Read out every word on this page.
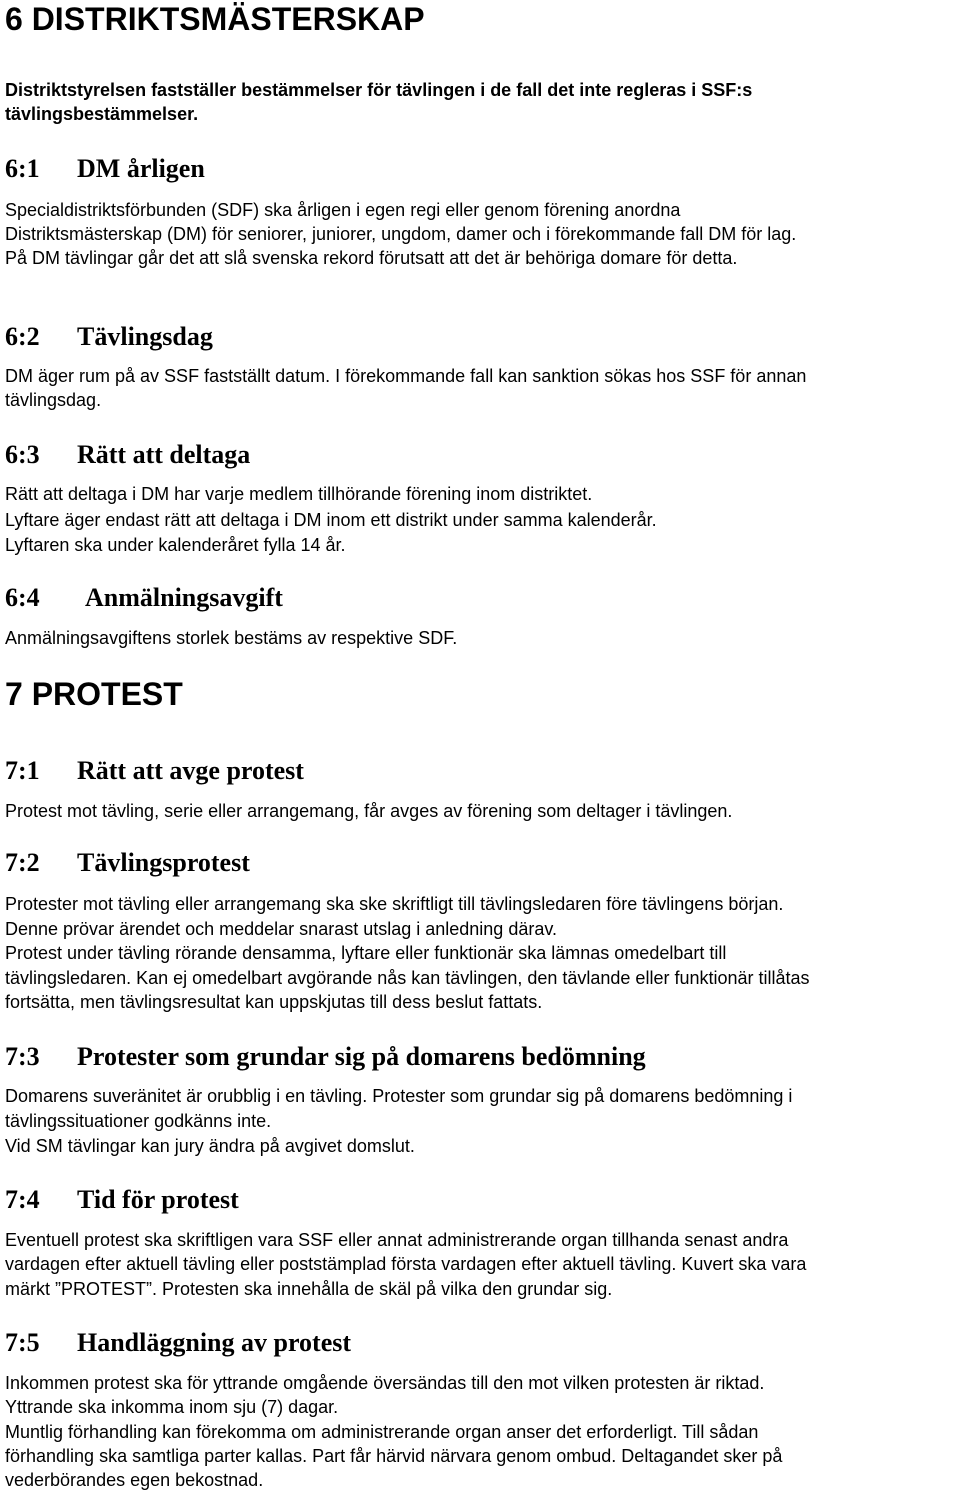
6 DISTRIKTSMÄSTERSKAP
Distriktstyrelsen fastställer bestämmelser för tävlingen i de fall det inte regleras i SSF:s
tävlingsbestämmelser.
6:1 DM årligen
Specialdistriktsförbunden (SDF) ska årligen i egen regi eller genom förening anordna
Distriktsmästerskap (DM) för seniorer, juniorer, ungdom, damer och i förekommande fall DM för lag.
På DM tävlingar går det att slå svenska rekord förutsatt att det är behöriga domare för detta.
6:2 Tävlingsdag
DM äger rum på av SSF fastställt datum. I förekommande fall kan sanktion sökas hos SSF för annan
tävlingsdag.
6:3 Rätt att deltaga
Rätt att deltaga i DM har varje medlem tillhörande förening inom distriktet.
Lyftare äger endast rätt att deltaga i DM inom ett distrikt under samma kalenderår.
Lyftaren ska under kalenderåret fylla 14 år.
6:4 Anmälningsavgift
Anmälningsavgiftens storlek bestäms av respektive SDF.
7 PROTEST
7:1 Rätt att avge protest
Protest mot tävling, serie eller arrangemang, får avges av förening som deltager i tävlingen.
7:2 Tävlingsprotest
Protester mot tävling eller arrangemang ska ske skriftligt till tävlingsledaren före tävlingens början.
Denne prövar ärendet och meddelar snarast utslag i anledning därav.
Protest under tävling rörande densamma, lyftare eller funktionär ska lämnas omedelbart till
tävlingsledaren. Kan ej omedelbart avgörande nås kan tävlingen, den tävlande eller funktionär tillåtas
fortsätta, men tävlingsresultat kan uppskjutas till dess beslut fattats.
7:3 Protester som grundar sig på domarens bedömning
Domarens suveränitet är orubblig i en tävling. Protester som grundar sig på domarens bedömning i
tävlingssituationer godkänns inte.
Vid SM tävlingar kan jury ändra på avgivet domslut.
7:4 Tid för protest
Eventuell protest ska skriftligen vara SSF eller annat administrerande organ tillhanda senast andra
vardagen efter aktuell tävling eller poststämplad första vardagen efter aktuell tävling. Kuvert ska vara
märkt ”PROTEST”. Protesten ska innehålla de skäl på vilka den grundar sig.
7:5 Handläggning av protest
Inkommen protest ska för yttrande omgående översändas till den mot vilken protesten är riktad.
Yttrande ska inkomma inom sju (7) dagar.
Muntlig förhandling kan förekomma om administrerande organ anser det erforderligt. Till sådan
förhandling ska samtliga parter kallas. Part får härvid närvara genom ombud. Deltagandet sker på
vederbörandes egen bekostnad.
